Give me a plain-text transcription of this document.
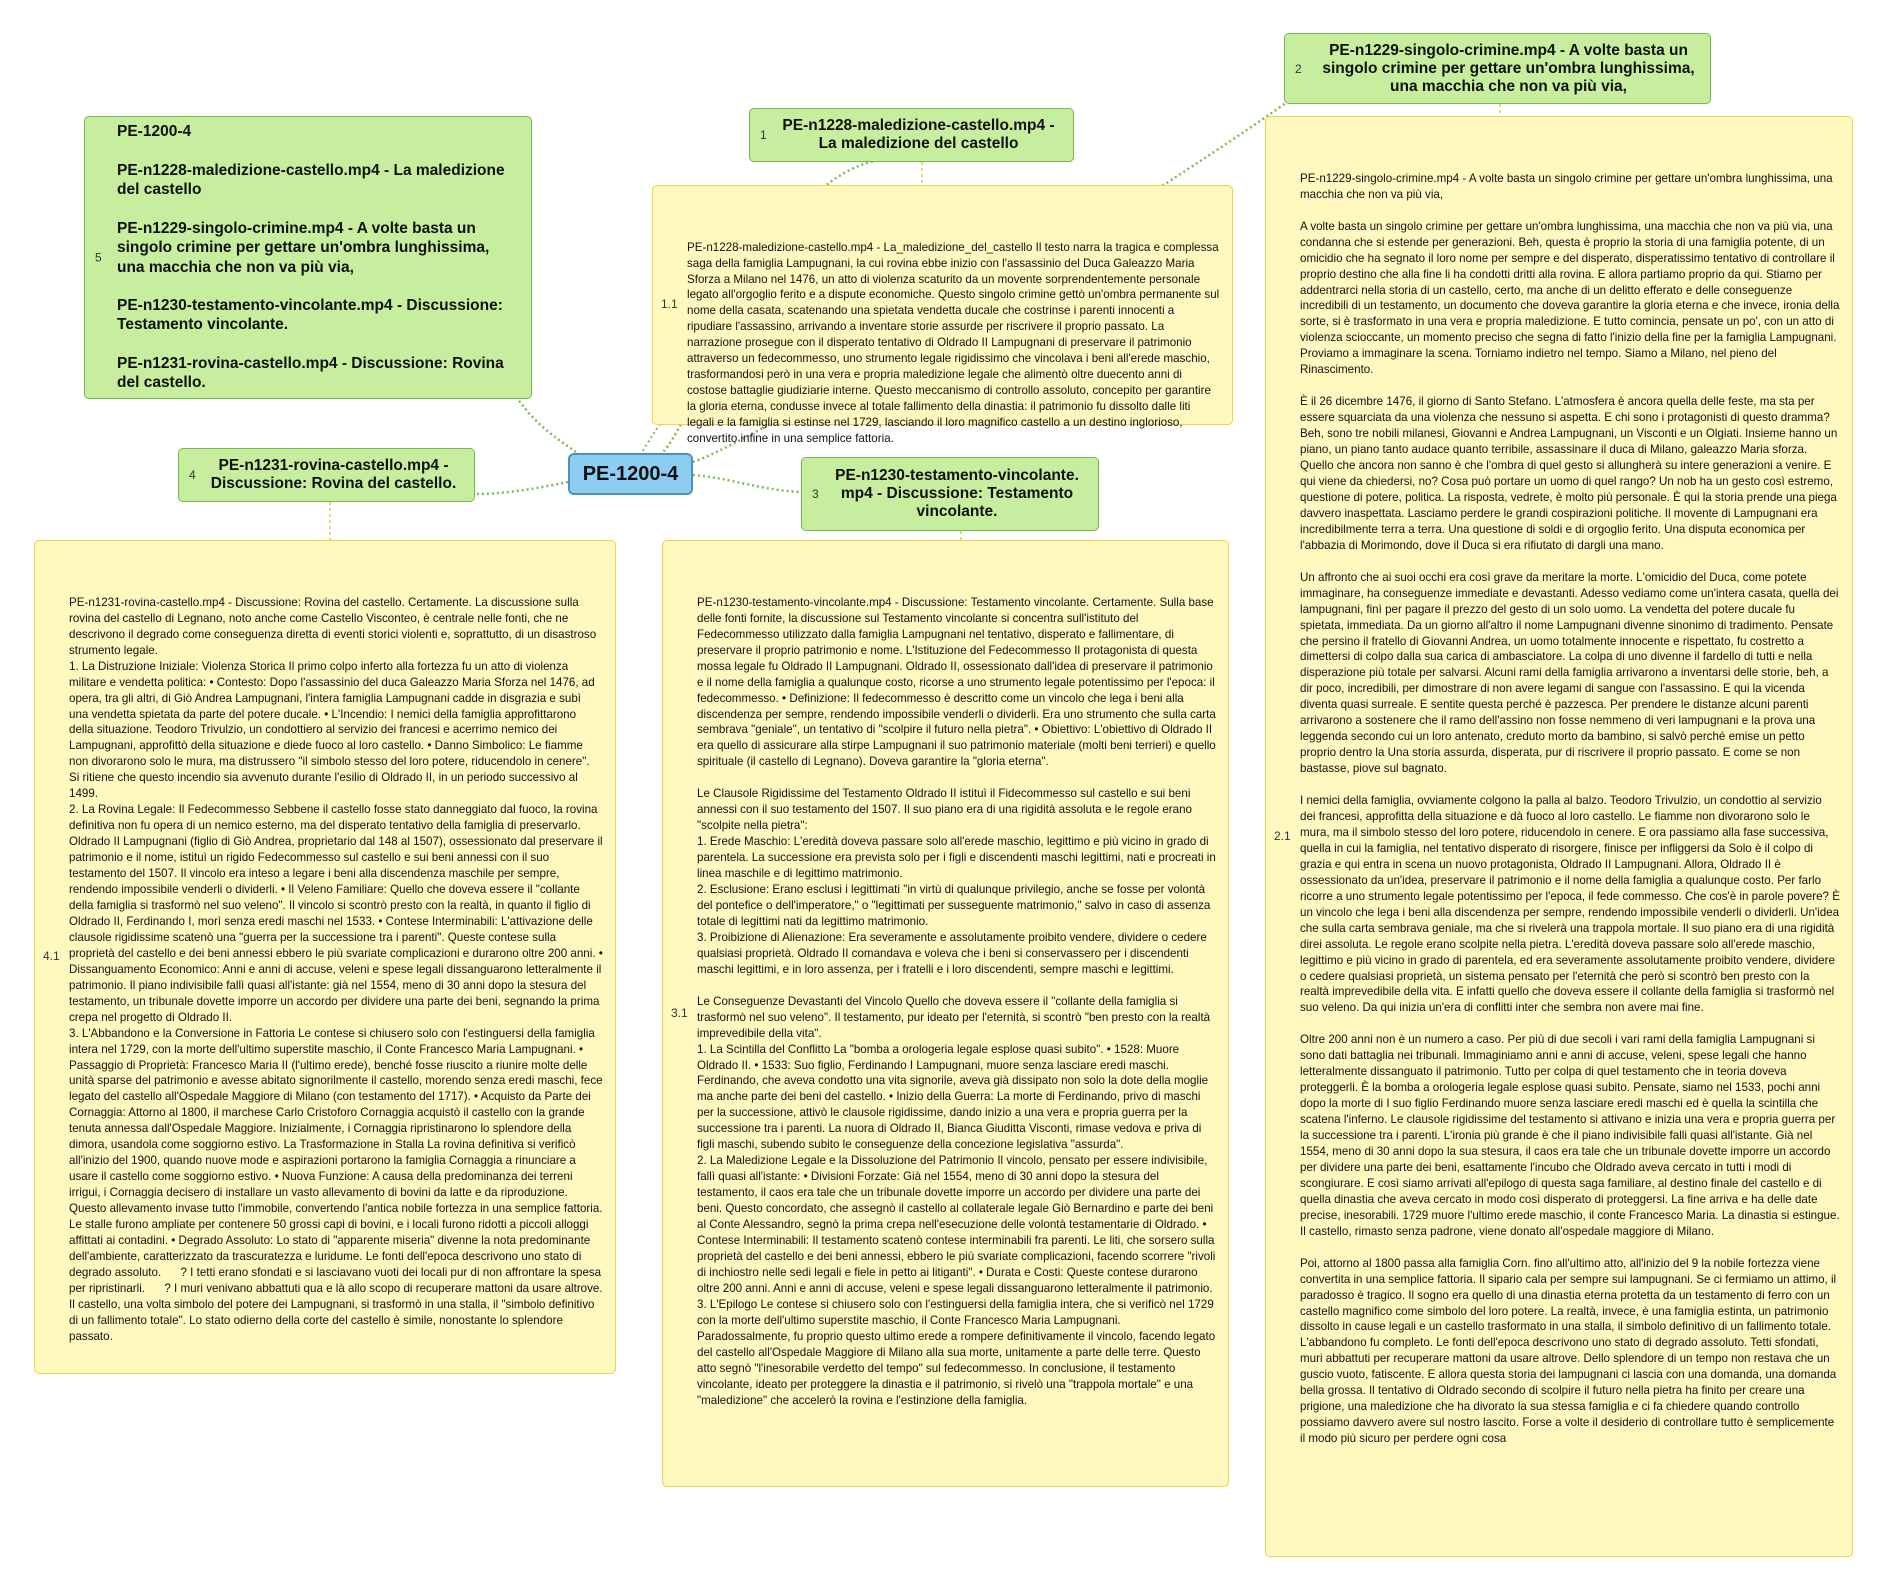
PE-1200-4
1
PE-n1228-maledizione-castello.mp4 - La maledizione del castello
2
PE-n1229-singolo-crimine.mp4 - A volte basta un singolo crimine per gettare un'ombra lunghissima, una macchia che non va più via,
3
PE-n1230-testamento-vincolante. mp4 - Discussione: Testamento vincolante.
4
PE-n1231-rovina-castello.mp4 - Discussione: Rovina del castello.
5
PE-1200-4

PE-n1228-maledizione-castello.mp4 - La maledizione del castello

PE-n1229-singolo-crimine.mp4 - A volte basta un singolo crimine per gettare un'ombra lunghissima, una macchia che non va più via,

PE-n1230-testamento-vincolante.mp4 - Discussione: Testamento vincolante.

PE-n1231-rovina-castello.mp4 - Discussione: Rovina del castello.

1.1

PE-n1228-maledizione-castello.mp4 - La_maledizione_del_castello Il testo narra la tragica e complessa saga della famiglia Lampugnani, la cui rovina ebbe inizio con l'assassinio del Duca Galeazzo Maria Sforza a Milano nel 1476, un atto di violenza scaturito da un movente sorprendentemente personale legato all'orgoglio ferito e a dispute economiche. Questo singolo crimine gettò un'ombra permanente sul nome della casata, scatenando una spietata vendetta ducale che costrinse i parenti innocenti a ripudiare l'assassino, arrivando a inventare storie assurde per riscrivere il proprio passato. La narrazione prosegue con il disperato tentativo di Oldrado II Lampugnani di preservare il patrimonio attraverso un fedecommesso, uno strumento legale rigidissimo che vincolava i beni all'erede maschio, trasformandosi però in una vera e propria maledizione legale che alimentò oltre duecento anni di costose battaglie giudiziarie interne. Questo meccanismo di controllo assoluto, concepito per garantire la gloria eterna, condusse invece al totale fallimento della dinastia: il patrimonio fu dissolto dalle liti legali e la famiglia si estinse nel 1729, lasciando il loro magnifico castello a un destino inglorioso, convertito infine in una semplice fattoria.

2.1

PE-n1229-singolo-crimine.mp4 - A volte basta un singolo crimine per gettare un'ombra lunghissima, una macchia che non va più via,

A volte basta un singolo crimine per gettare un'ombra lunghissima, una macchia che non va più via, una condanna che si estende per generazioni. Beh, questa è proprio la storia di una famiglia potente, di un omicidio che ha segnato il loro nome per sempre e del disperato, disperatissimo tentativo di controllare il proprio destino che alla fine li ha condotti dritti alla rovina. E allora partiamo proprio da qui. Stiamo per addentrarci nella storia di un castello, certo, ma anche di un delitto efferato e delle conseguenze incredibili di un testamento, un documento che doveva garantire la gloria eterna e che invece, ironia della sorte, si è trasformato in una vera e propria maledizione. E tutto comincia, pensate un po', con un atto di violenza scioccante, un momento preciso che segna di fatto l'inizio della fine per la famiglia Lampugnani. Proviamo a immaginare la scena. Torniamo indietro nel tempo. Siamo a Milano, nel pieno del Rinascimento.

È il 26 dicembre 1476, il giorno di Santo Stefano. L'atmosfera è ancora quella delle feste, ma sta per essere squarciata da una violenza che nessuno si aspetta. E chi sono i protagonisti di questo dramma? Beh, sono tre nobili milanesi, Giovanni e Andrea Lampugnani, un Visconti e un Olgiati. Insieme hanno un piano, un piano tanto audace quanto terribile, assassinare il duca di Milano, galeazzo Maria sforza. Quello che ancora non sanno è che l'ombra di quel gesto si allungherà su intere generazioni a venire. E qui viene da chiedersi, no? Cosa può portare un uomo di quel rango? Un nob ha un gesto così estremo, questione di potere, politica. La risposta, vedrete, è molto più personale. È qui la storia prende una piega davvero inaspettata. Lasciamo perdere le grandi cospirazioni politiche. Il movente di Lampugnani era incredibilmente terra a terra. Una questione di soldi e di orgoglio ferito. Una disputa economica per l'abbazia di Morimondo, dove il Duca si era rifiutato di dargli una mano.

Un affronto che ai suoi occhi era così grave da meritare la morte. L'omicidio del Duca, come potete immaginare, ha conseguenze immediate e devastanti. Adesso vediamo come un'intera casata, quella dei lampugnani, finì per pagare il prezzo del gesto di un solo uomo. La vendetta del potere ducale fu spietata, immediata. Da un giorno all'altro il nome Lampugnani divenne sinonimo di tradimento. Pensate che persino il fratello di Giovanni Andrea, un uomo totalmente innocente e rispettato, fu costretto a dimettersi di colpo dalla sua carica di ambasciatore. La colpa di uno divenne il fardello di tutti e nella disperazione più totale per salvarsi. Alcuni rami della famiglia arrivarono a inventarsi delle storie, beh, a dir poco, incredibili, per dimostrare di non avere legami di sangue con l'assassino. E qui la vicenda diventa quasi surreale. E sentite questa perché è pazzesca. Per prendere le distanze alcuni parenti arrivarono a sostenere che il ramo dell'assino non fosse nemmeno di veri lampugnani e la prova una leggenda secondo cui un loro antenato, creduto morto da bambino, si salvò perché emise un petto proprio dentro la Una storia assurda, disperata, pur di riscrivere il proprio passato. E come se non bastasse, piove sul bagnato.

I nemici della famiglia, ovviamente colgono la palla al balzo. Teodoro Trivulzio, un condottio al servizio dei francesi, approfitta della situazione e dà fuoco al loro castello. Le fiamme non divorarono solo le mura, ma il simbolo stesso del loro potere, riducendolo in cenere. E ora passiamo alla fase successiva, quella in cui la famiglia, nel tentativo disperato di risorgere, finisce per infliggersi da Solo è il colpo di grazia e qui entra in scena un nuovo protagonista, Oldrado II Lampugnani. Allora, Oldrado II è ossessionato da un'idea, preservare il patrimonio e il nome della famiglia a qualunque costo. Per farlo ricorre a uno strumento legale potentissimo per l'epoca, il fede commesso. Che cos'è in parole povere? È un vincolo che lega i beni alla discendenza per sempre, rendendo impossibile venderli o dividerli. Un'idea che sulla carta sembrava geniale, ma che si rivelerà una trappola mortale. Il suo piano era di una rigidità direi assoluta. Le regole erano scolpite nella pietra. L'eredità doveva passare solo all'erede maschio, legittimo e più vicino in grado di parentela, ed era severamente assolutamente proibito vendere, dividere o cedere qualsiasi proprietà, un sistema pensato per l'eternità che però si scontrò ben presto con la realtà imprevedibile della vita. E infatti quello che doveva essere il collante della famiglia si trasformò nel suo veleno. Da qui inizia un'era di conflitti inter che sembra non avere mai fine.

Oltre 200 anni non è un numero a caso. Per più di due secoli i vari rami della famiglia Lampugnani si sono dati battaglia nei tribunali. Immaginiamo anni e anni di accuse, veleni, spese legali che hanno letteralmente dissanguato il patrimonio. Tutto per colpa di quel testamento che in teoria doveva proteggerli. È la bomba a orologeria legale esplose quasi subito. Pensate, siamo nel 1533, pochi anni dopo la morte di I suo figlio Ferdinando muore senza lasciare eredi maschi ed è quella la scintilla che scatena l'inferno. Le clausole rigidissime del testamento si attivano e inizia una vera e propria guerra per la successione tra i parenti. L'ironia più grande è che il piano indivisibile falli quasi all'istante. Già nel 1554, meno di 30 anni dopo la sua stesura, il caos era tale che un tribunale dovette imporre un accordo per dividere una parte dei beni, esattamente l'incubo che Oldrado aveva cercato in tutti i modi di scongiurare. E così siamo arrivati all'epilogo di questa saga familiare, al destino finale del castello e di quella dinastia che aveva cercato in modo così disperato di proteggersi. La fine arriva e ha delle date precise, inesorabili. 1729 muore l'ultimo erede maschio, il conte Francesco Maria. La dinastia si estingue. Il castello, rimasto senza padrone, viene donato all'ospedale maggiore di Milano.

Poi, attorno al 1800 passa alla famiglia Corn. fino all'ultimo atto, all'inizio del 9 la nobile fortezza viene convertita in una semplice fattoria. Il sipario cala per sempre sui lampugnani. Se ci fermiamo un attimo, il paradosso è tragico. Il sogno era quello di una dinastia eterna protetta da un testamento di ferro con un castello magnifico come simbolo del loro potere. La realtà, invece, è una famiglia estinta, un patrimonio dissolto in cause legali e un castello trasformato in una stalla, il simbolo definitivo di un fallimento totale. L'abbandono fu completo. Le fonti dell'epoca descrivono uno stato di degrado assoluto. Tetti sfondati, muri abbattuti per recuperare mattoni da usare altrove. Dello splendore di un tempo non restava che un guscio vuoto, fatiscente. E allora questa storia dei lampugnani ci lascia con una domanda, una domanda bella grossa. Il tentativo di Oldrado secondo di scolpire il futuro nella pietra ha finito per creare una prigione, una maledizione che ha divorato la sua stessa famiglia e ci fa chiedere quando controllo possiamo davvero avere sul nostro lascito. Forse a volte il desiderio di controllare tutto è semplicemente il modo più sicuro per perdere ogni cosa

3.1

PE-n1230-testamento-vincolante.mp4 - Discussione: Testamento vincolante. Certamente. Sulla base delle fonti fornite, la discussione sul Testamento vincolante si concentra sull'istituto del Fedecommesso utilizzato dalla famiglia Lampugnani nel tentativo, disperato e fallimentare, di preservare il proprio patrimonio e nome. L'Istituzione del Fedecommesso Il protagonista di questa mossa legale fu Oldrado II Lampugnani. Oldrado II, ossessionato dall'idea di preservare il patrimonio e il nome della famiglia a qualunque costo, ricorse a uno strumento legale potentissimo per l'epoca: il fedecommesso. • Definizione: Il fedecommesso è descritto come un vincolo che lega i beni alla discendenza per sempre, rendendo impossibile venderli o dividerli. Era uno strumento che sulla carta sembrava "geniale", un tentativo di "scolpire il futuro nella pietra". • Obiettivo: L'obiettivo di Oldrado II era quello di assicurare alla stirpe Lampugnani il suo patrimonio materiale (molti beni terrieri) e quello spirituale (il castello di Legnano). Doveva garantire la "gloria eterna".

Le Clausole Rigidissime del Testamento Oldrado II istituì il Fidecommesso sul castello e sui beni annessi con il suo testamento del 1507. Il suo piano era di una rigidità assoluta e le regole erano "scolpite nella pietra":
1. Erede Maschio: L'eredità doveva passare solo all'erede maschio, legittimo e più vicino in grado di parentela. La successione era prevista solo per i figli e discendenti maschi legittimi, nati e procreati in linea maschile e di legittimo matrimonio.
2. Esclusione: Erano esclusi i legittimati "in virtù di qualunque privilegio, anche se fosse per volontà del pontefice o dell'imperatore," o "legittimati per susseguente matrimonio," salvo in caso di assenza totale di legittimi nati da legittimo matrimonio.
3. Proibizione di Alienazione: Era severamente e assolutamente proibito vendere, dividere o cedere qualsiasi proprietà. Oldrado II comandava e voleva che i beni si conservassero per i discendenti maschi legittimi, e in loro assenza, per i fratelli e i loro discendenti, sempre maschi e legittimi.

Le Conseguenze Devastanti del Vincolo Quello che doveva essere il "collante della famiglia si trasformò nel suo veleno". Il testamento, pur ideato per l'eternità, si scontrò "ben presto con la realtà imprevedibile della vita".
1. La Scintilla del Conflitto La "bomba a orologeria legale esplose quasi subito". • 1528: Muore Oldrado II. • 1533: Suo figlio, Ferdinando I Lampugnani, muore senza lasciare eredi maschi. Ferdinando, che aveva condotto una vita signorile, aveva già dissipato non solo la dote della moglie ma anche parte dei beni del castello. • Inizio della Guerra: La morte di Ferdinando, privo di maschi per la successione, attivò le clausole rigidissime, dando inizio a una vera e propria guerra per la successione tra i parenti. La nuora di Oldrado II, Bianca Giuditta Visconti, rimase vedova e priva di figli maschi, subendo subito le conseguenze della concezione legislativa "assurda".
2. La Maledizione Legale e la Dissoluzione del Patrimonio Il vincolo, pensato per essere indivisibile, fallì quasi all'istante: • Divisioni Forzate: Già nel 1554, meno di 30 anni dopo la stesura del testamento, il caos era tale che un tribunale dovette imporre un accordo per dividere una parte dei beni. Questo concordato, che assegnò il castello al collaterale legale Giò Bernardino e parte dei beni al Conte Alessandro, segnò la prima crepa nell'esecuzione delle volontà testamentarie di Oldrado. • Contese Interminabili: Il testamento scatenò contese interminabili fra parenti. Le liti, che sorsero sulla proprietà del castello e dei beni annessi, ebbero le più svariate complicazioni, facendo scorrere "rivoli di inchiostro nelle sedi legali e fiele in petto ai litiganti". • Durata e Costi: Queste contese durarono oltre 200 anni. Anni e anni di accuse, veleni e spese legali dissanguarono letteralmente il patrimonio.
3. L'Epilogo Le contese si chiusero solo con l'estinguersi della famiglia intera, che si verificò nel 1729 con la morte dell'ultimo superstite maschio, il Conte Francesco Maria Lampugnani. Paradossalmente, fu proprio questo ultimo erede a rompere definitivamente il vincolo, facendo legato del castello all'Ospedale Maggiore di Milano alla sua morte, unitamente a parte delle terre. Questo atto segnò "l'inesorabile verdetto del tempo" sul fedecommesso. In conclusione, il testamento vincolante, ideato per proteggere la dinastia e il patrimonio, si rivelò una "trappola mortale" e una "maledizione" che accelerò la rovina e l'estinzione della famiglia.

4.1

PE-n1231-rovina-castello.mp4 - Discussione: Rovina del castello. Certamente. La discussione sulla rovina del castello di Legnano, noto anche come Castello Visconteo, è centrale nelle fonti, che ne descrivono il degrado come conseguenza diretta di eventi storici violenti e, soprattutto, di un disastroso strumento legale.
1. La Distruzione Iniziale: Violenza Storica Il primo colpo inferto alla fortezza fu un atto di violenza militare e vendetta politica: • Contesto: Dopo l'assassinio del duca Galeazzo Maria Sforza nel 1476, ad opera, tra gli altri, di Giò Andrea Lampugnani, l'intera famiglia Lampugnani cadde in disgrazia e subì una vendetta spietata da parte del potere ducale. • L'Incendio: I nemici della famiglia approfittarono della situazione. Teodoro Trivulzio, un condottiero al servizio dei francesi e acerrimo nemico dei Lampugnani, approfittò della situazione e diede fuoco al loro castello. • Danno Simbolico: Le fiamme non divorarono solo le mura, ma distrussero "il simbolo stesso del loro potere, riducendolo in cenere". Si ritiene che questo incendio sia avvenuto durante l'esilio di Oldrado II, in un periodo successivo al 1499.
2. La Rovina Legale: Il Fedecommesso Sebbene il castello fosse stato danneggiato dal fuoco, la rovina definitiva non fu opera di un nemico esterno, ma del disperato tentativo della famiglia di preservarlo. Oldrado II Lampugnani (figlio di Giò Andrea, proprietario dal 148 al 1507), ossessionato dal preservare il patrimonio e il nome, istituì un rigido Fedecommesso sul castello e sui beni annessi con il suo testamento del 1507. Il vincolo era inteso a legare i beni alla discendenza maschile per sempre, rendendo impossibile venderli o dividerli. • Il Veleno Familiare: Quello che doveva essere il "collante della famiglia si trasformò nel suo veleno". Il vincolo si scontrò presto con la realtà, in quanto il figlio di Oldrado II, Ferdinando I, morì senza eredi maschi nel 1533. • Contese Interminabili: L'attivazione delle clausole rigidissime scatenò una "guerra per la successione tra i parenti". Queste contese sulla proprietà del castello e dei beni annessi ebbero le più svariate complicazioni e durarono oltre 200 anni. • Dissanguamento Economico: Anni e anni di accuse, veleni e spese legali dissanguarono letteralmente il patrimonio. Il piano indivisibile fallì quasi all'istante: già nel 1554, meno di 30 anni dopo la stesura del testamento, un tribunale dovette imporre un accordo per dividere una parte dei beni, segnando la prima crepa nel progetto di Oldrado II.
3. L'Abbandono e la Conversione in Fattoria Le contese si chiusero solo con l'estinguersi della famiglia intera nel 1729, con la morte dell'ultimo superstite maschio, il Conte Francesco Maria Lampugnani. • Passaggio di Proprietà: Francesco Maria II (l'ultimo erede), benché fosse riuscito a riunire molte delle unità sparse del patrimonio e avesse abitato signorilmente il castello, morendo senza eredi maschi, fece legato del castello all'Ospedale Maggiore di Milano (con testamento del 1717). • Acquisto da Parte dei Cornaggia: Attorno al 1800, il marchese Carlo Cristoforo Cornaggia acquistò il castello con la grande tenuta annessa dall'Ospedale Maggiore. Inizialmente, i Cornaggia ripristinarono lo splendore della dimora, usandola come soggiorno estivo. La Trasformazione in Stalla La rovina definitiva si verificò all'inizio del 1900, quando nuove mode e aspirazioni portarono la famiglia Cornaggia a rinunciare a usare il castello come soggiorno estivo. • Nuova Funzione: A causa della predominanza dei terreni irrigui, i Cornaggia decisero di installare un vasto allevamento di bovini da latte e da riproduzione. Questo allevamento invase tutto l'immobile, convertendo l'antica nobile fortezza in una semplice fattoria. Le stalle furono ampliate per contenere 50 grossi capi di bovini, e i locali furono ridotti a piccoli alloggi affittati ai contadini. • Degrado Assoluto: Lo stato di "apparente miseria" divenne la nota predominante dell'ambiente, caratterizzato da trascuratezza e luridume. Le fonti dell'epoca descrivono uno stato di degrado assoluto.      ? I tetti erano sfondati e si lasciavano vuoti dei locali pur di non affrontare la spesa per ripristinarli.      ? I muri venivano abbattuti qua e là allo scopo di recuperare mattoni da usare altrove. Il castello, una volta simbolo del potere dei Lampugnani, si trasformò in una stalla, il "simbolo definitivo di un fallimento totale". Lo stato odierno della corte del castello è simile, nonostante lo splendore passato.
